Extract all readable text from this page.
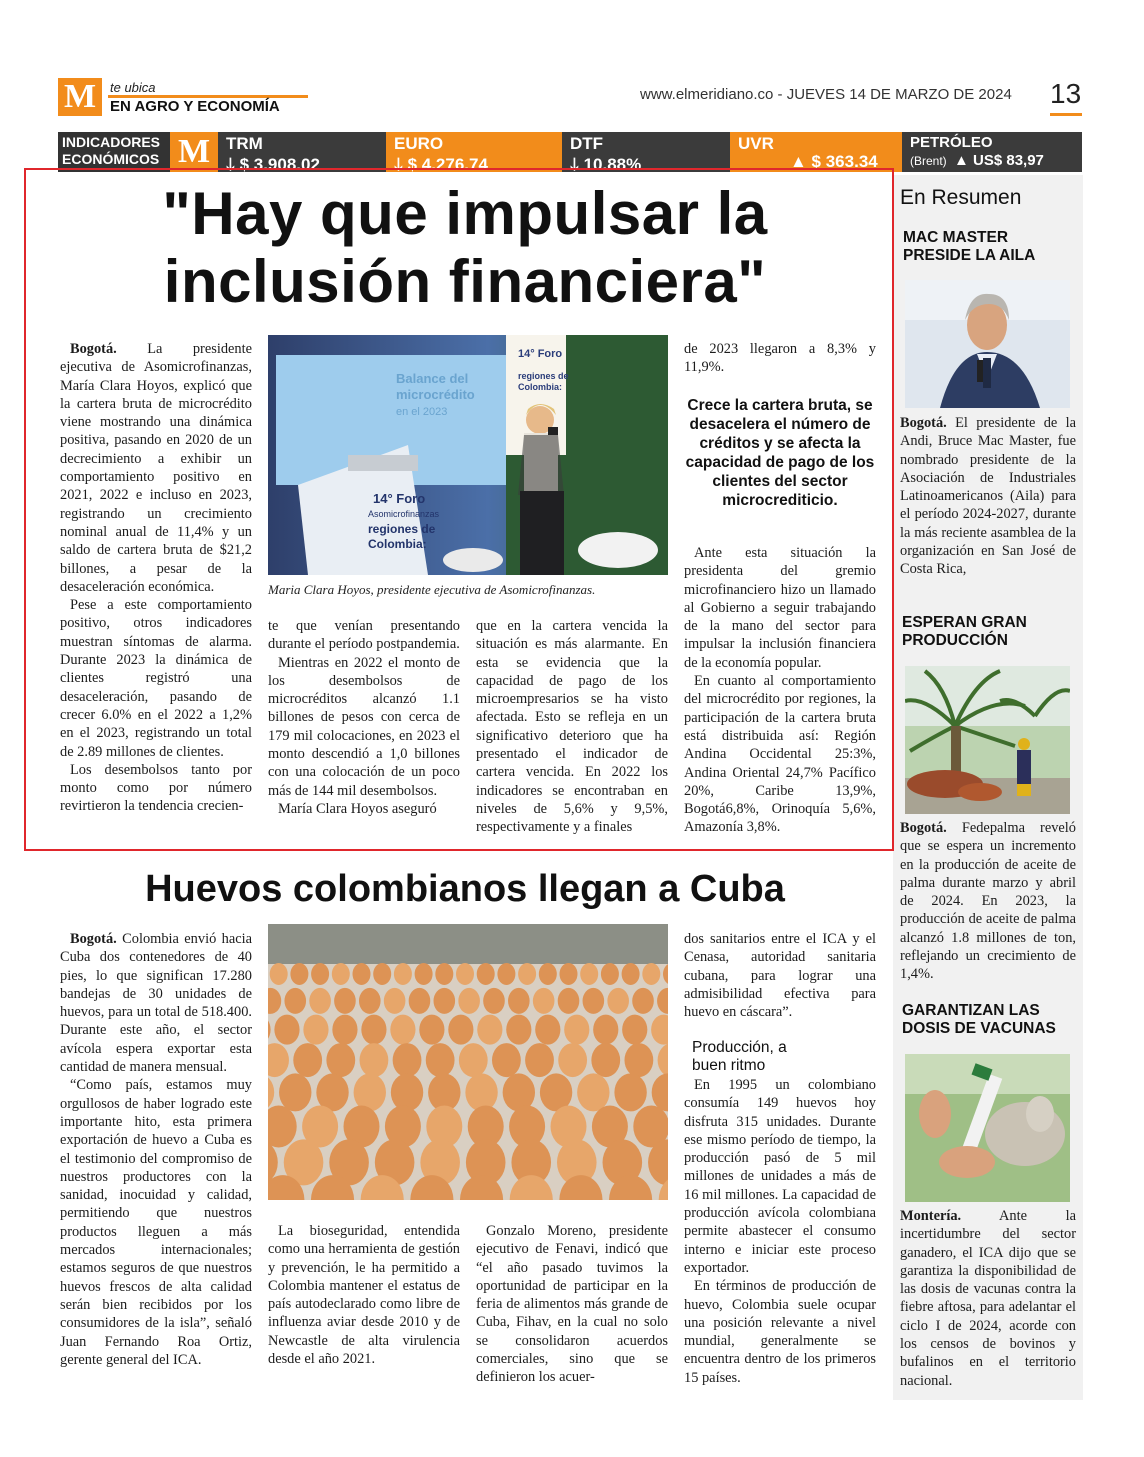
M	te ubica
EN AGRO Y ECONOMÍA
www.elmeridiano.co - JUEVES 14 DE MARZO DE 2024 13
INDICADORES
ECONÓMICOS M TRM
🡓 $ 3.908.02
EURO
🡓 $ 4.276.74
DTF
🡓 10.88%
UVR
▲ $ 363.34
PETRÓLEO
(Brent) ▲ US$ 83,97
"Hay que impulsar la inclusión financiera"

Bogotá. La presidente ejecutiva de Asomicrofinanzas, María Clara Hoyos, explicó que la cartera bruta de microcrédito viene mostrando una dinámica positiva, pasando en 2020 de un decrecimiento a exhibir un comportamiento positivo en 2021, 2022 e incluso en 2023, registrando un crecimiento nominal anual de 11,4% y un saldo de cartera bruta de $21,2 billones, a pesar de la desaceleración económica.

Pese a este comportamiento positivo, otros indicadores muestran síntomas de alarma. Durante 2023 la dinámica de clientes registró una desaceleración, pasando de crecer 6.0% en el 2022 a 1,2% en el 2023, registrando un total de 2.89 millones de clientes.

Los desembolsos tanto por monto como por número revirtieron la tendencia crecien-

Balance del
microcrédito
en el 2023
14° Foro
regiones de
Colombia:
14° Foro
Asomicrofinanzas
regiones de
Colombia:
Maria Clara Hoyos, presidente ejecutiva de Asomicrofinanzas.

te que venían presentando durante el período postpandemia.

Mientras en 2022 el monto de los desembolsos de microcréditos alcanzó 1.1 billones de pesos con cerca de 179 mil colocaciones, en 2023 el monto descendió a 1,0 billones con una colocación de un poco más de 144 mil desembolsos.

María Clara Hoyos aseguró

que en la cartera vencida la situación es más alarmante. En esta se evidencia que la capacidad de pago de los microempresarios se ha visto afectada. Esto se refleja en un significativo deterioro que ha presentado el indicador de cartera vencida. En 2022 los indicadores se encontraban en niveles de 5,6% y 9,5%, respectivamente y a finales

de 2023 llegaron a 8,3% y 11,9%.

Crece la cartera bruta, se desacelera el número de créditos y se afecta la capacidad de pago de los clientes del sector microcrediticio.

Ante esta situación la presidenta del gremio microfinanciero hizo un llamado al Gobierno a seguir trabajando de la mano del sector para impulsar la inclusión financiera de la economía popular.

En cuanto al comportamiento del microcrédito por regiones, la participación de la cartera bruta está distribuida así: Región Andina Occidental 25:3%, Andina Oriental 24,7% Pacífico 20%, Caribe 13,9%, Bogotá6,8%, Orinoquía 5,6%, Amazonía 3,8%.

Huevos colombianos llegan a Cuba

Bogotá. Colombia envió hacia Cuba dos contenedores de 40 pies, lo que significan 17.280 bandejas de 30 unidades de huevos, para un total de 518.400. Durante este año, el sector avícola espera exportar esta cantidad de manera mensual.

“Como país, estamos muy orgullosos de haber logrado este importante hito, esta primera exportación de huevo a Cuba es el testimonio del compromiso de nuestros productores con la sanidad, inocuidad y calidad, permitiendo que nuestros productos lleguen a más mercados internacionales; estamos seguros de que nuestros huevos frescos de alta calidad serán bien recibidos por los consumidores de la isla”, señaló Juan Fernando Roa Ortiz, gerente general del ICA.

La bioseguridad, entendida como una herramienta de gestión y prevención, le ha permitido a Colombia mantener el estatus de país autodeclarado como libre de influenza aviar desde 2010 y de Newcastle de alta virulencia desde el año 2021.

Gonzalo Moreno, presidente ejecutivo de Fenavi, indicó que “el año pasado tuvimos la oportunidad de participar en la feria de alimentos más grande de Cuba, Fihav, en la cual no solo se consolidaron acuerdos comerciales, sino que se definieron los acuer-

dos sanitarios entre el ICA y el Cenasa, autoridad sanitaria cubana, para lograr una admisibilidad efectiva para huevo en cáscara”.

Producción, a buen ritmo

En 1995 un colombiano consumía 149 huevos hoy disfruta 315 unidades. Durante ese mismo período de tiempo, la producción pasó de 5 mil millones de unidades a más de 16 mil millones. La capacidad de producción avícola colombiana permite abastecer el consumo interno e iniciar este proceso exportador.

En términos de producción de huevo, Colombia suele ocupar una posición relevante a nivel mundial, generalmente se encuentra dentro de los primeros 15 países.

En Resumen
MAC MASTER PRESIDE LA AILA
Bogotá. El presidente de la Andi, Bruce Mac Master, fue nombrado presidente de la Asociación de Industriales Latinoamericanos (Aila) para el período 2024-2027, durante la más reciente asamblea de la organización en San José de Costa Rica,
ESPERAN GRAN PRODUCCIÓN
Bogotá. Fedepalma reveló que se espera un incremento en la producción de aceite de palma durante marzo y abril de 2024. En 2023, la producción de aceite de palma alcanzó 1.8 millones de ton, reflejando un crecimiento de 1,4%.
GARANTIZAN LAS DOSIS DE VACUNAS
Montería. Ante la incertidumbre del sector ganadero, el ICA dijo que se garantiza la disponibilidad de las dosis de vacunas contra la fiebre aftosa, para adelantar el ciclo I de 2024, acorde con los censos de bovinos y bufalinos en el territorio nacional.
